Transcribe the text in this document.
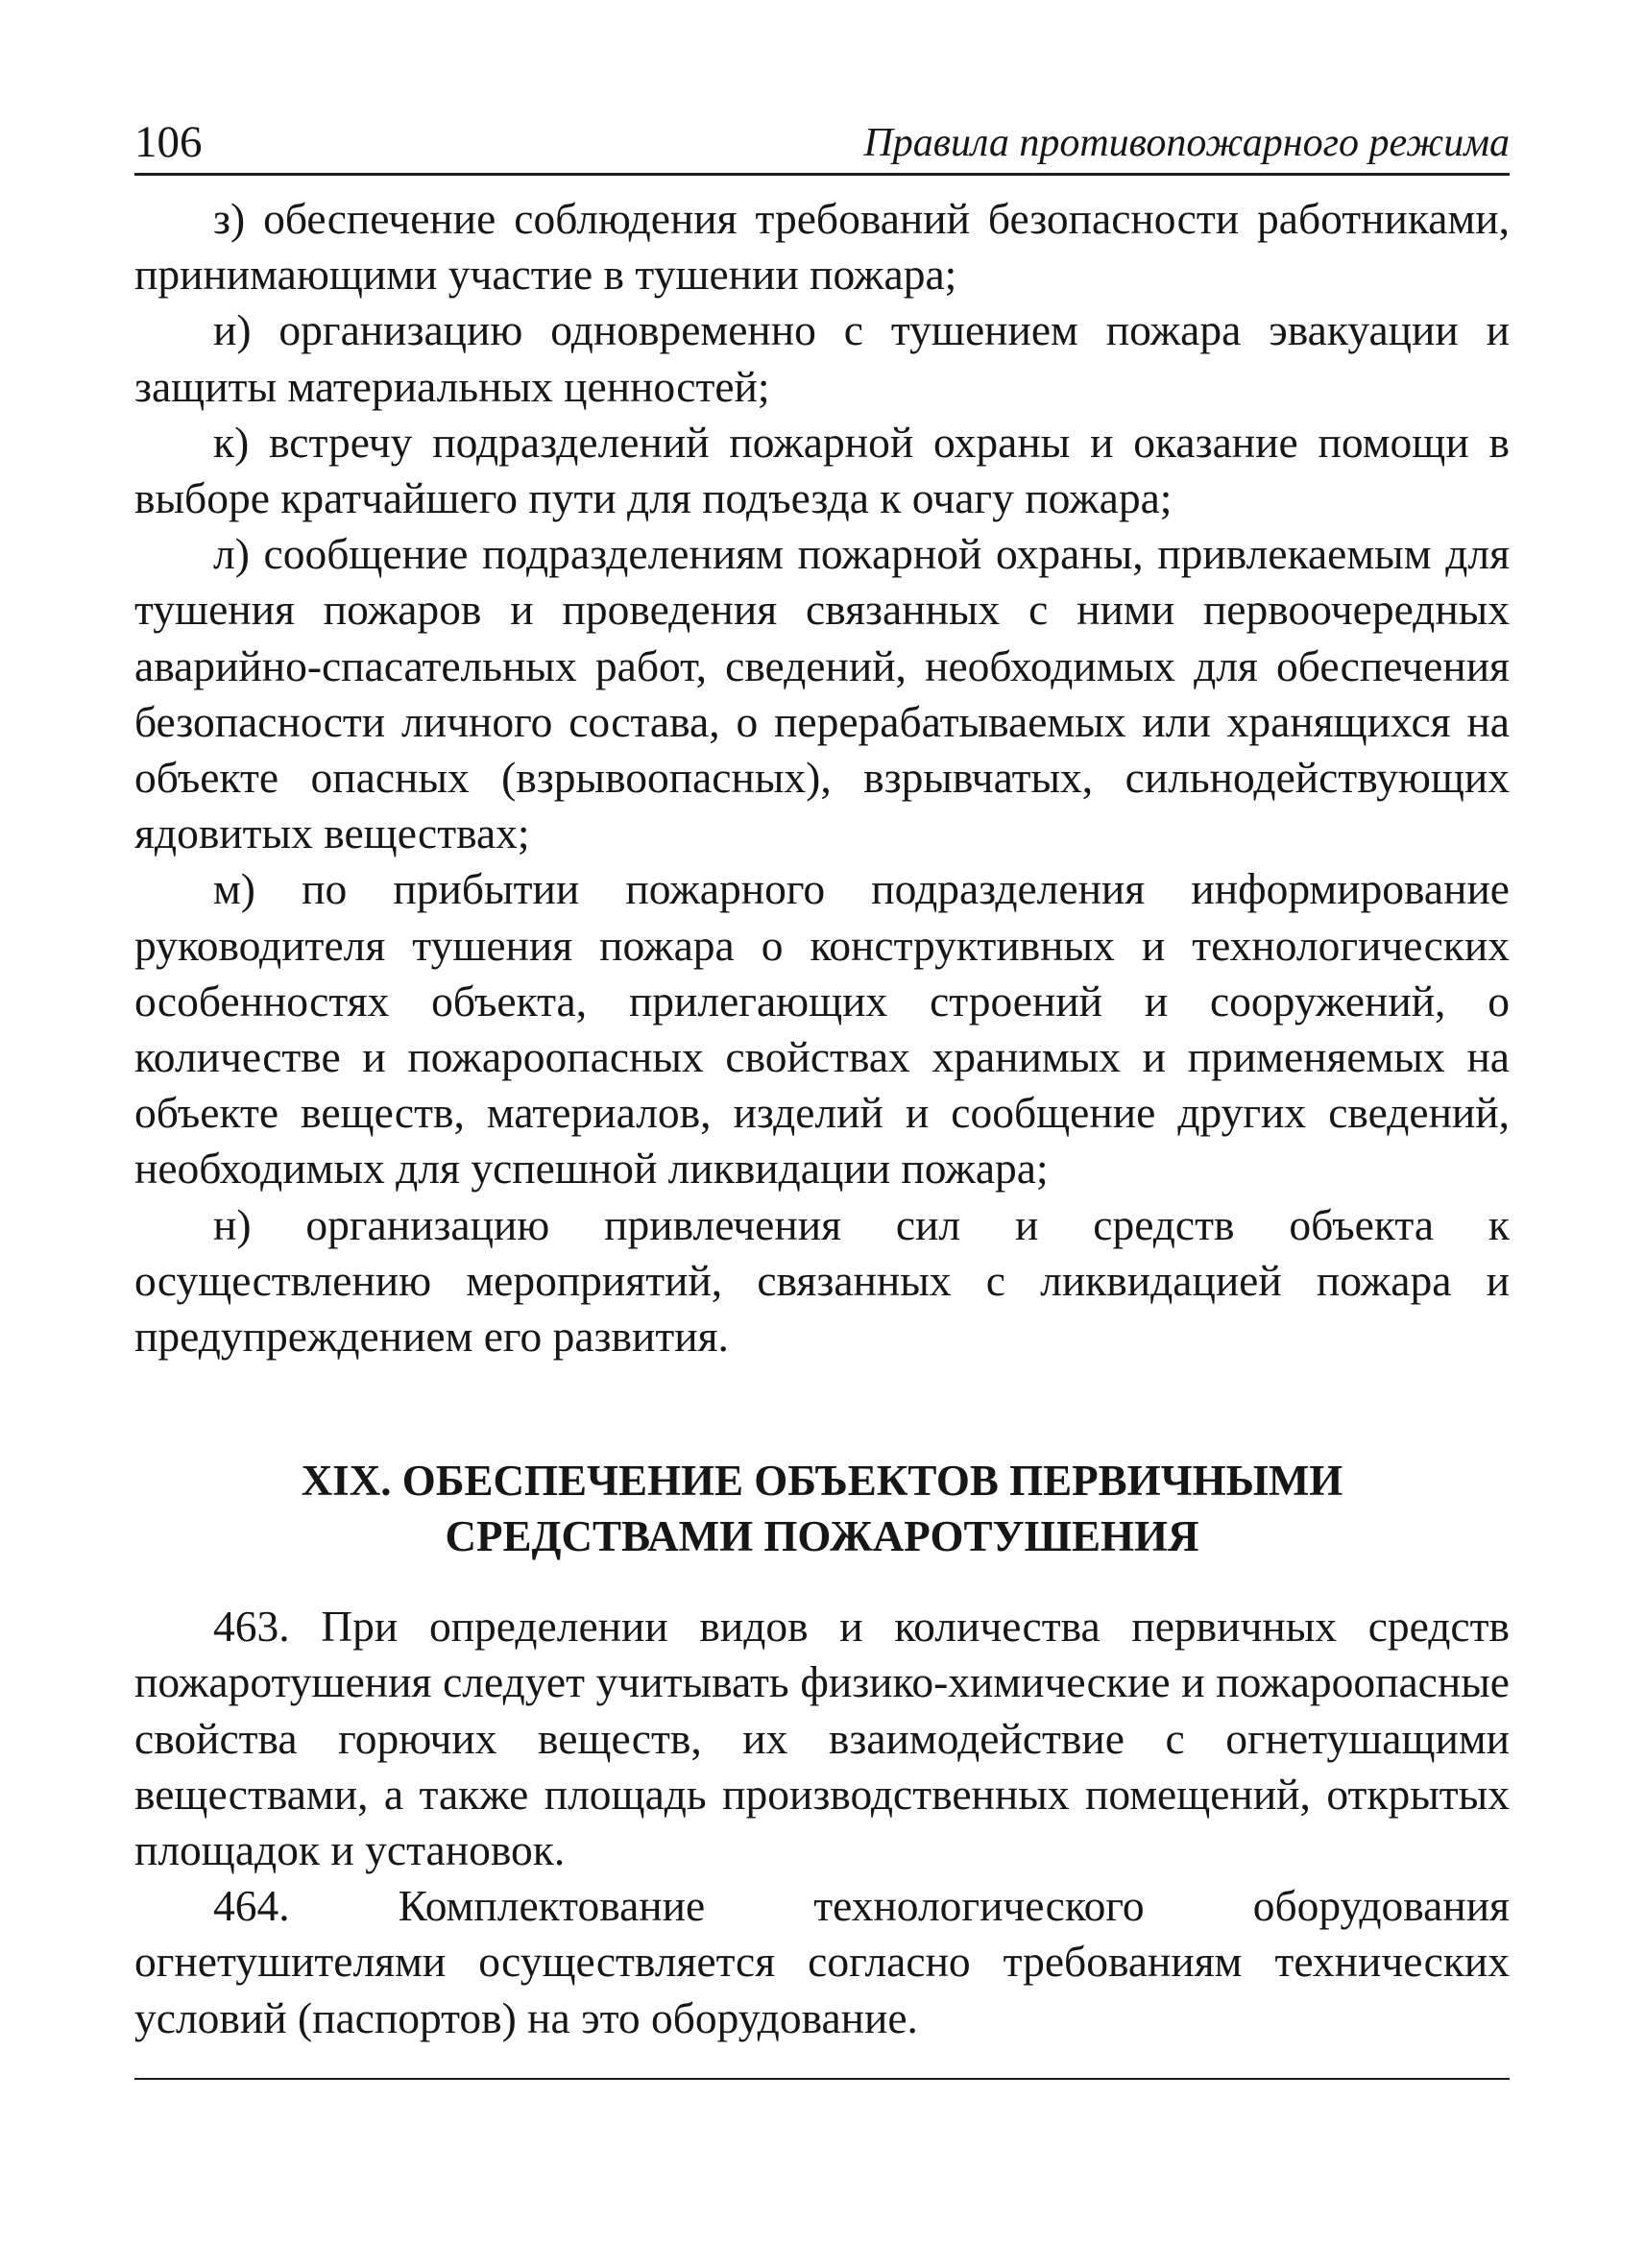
106	Правила противопожарного режима

з) обеспечение соблюдения требований безопасности работниками, принимающими участие в тушении пожара;

и) организацию одновременно с тушением пожара эвакуации и защиты материальных ценностей;

к) встречу подразделений пожарной охраны и оказание помощи в выборе кратчайшего пути для подъезда к очагу пожара;

л) сообщение подразделениям пожарной охраны, привлекаемым для тушения пожаров и проведения связанных с ними первоочередных аварийно-спасательных работ, сведений, необходимых для обеспечения безопасности личного состава, о перерабатываемых или хранящихся на объекте опасных (взрывоопасных), взрывчатых, сильнодействующих ядовитых веществах;

м) по прибытии пожарного подразделения информирование руководителя тушения пожара о конструктивных и технологических особенностях объекта, прилегающих строений и сооружений, о количестве и пожароопасных свойствах хранимых и применяемых на объекте веществ, материалов, изделий и сообщение других сведений, необходимых для успешной ликвидации пожара;

н) организацию привлечения сил и средств объекта к осуществлению мероприятий, связанных с ликвидацией пожара и предупреждением его развития.

XIX. ОБЕСПЕЧЕНИЕ ОБЪЕКТОВ ПЕРВИЧНЫМИ
СРЕДСТВАМИ ПОЖАРОТУШЕНИЯ

463. При определении видов и количества первичных средств пожаротушения следует учитывать физико-химические и пожароопасные свойства горючих веществ, их взаимодействие с огнетушащими веществами, а также площадь производственных помещений, открытых площадок и установок.

464. Комплектование технологического оборудования огнетушителями осуществляется согласно требованиям технических условий (паспортов) на это оборудование.
